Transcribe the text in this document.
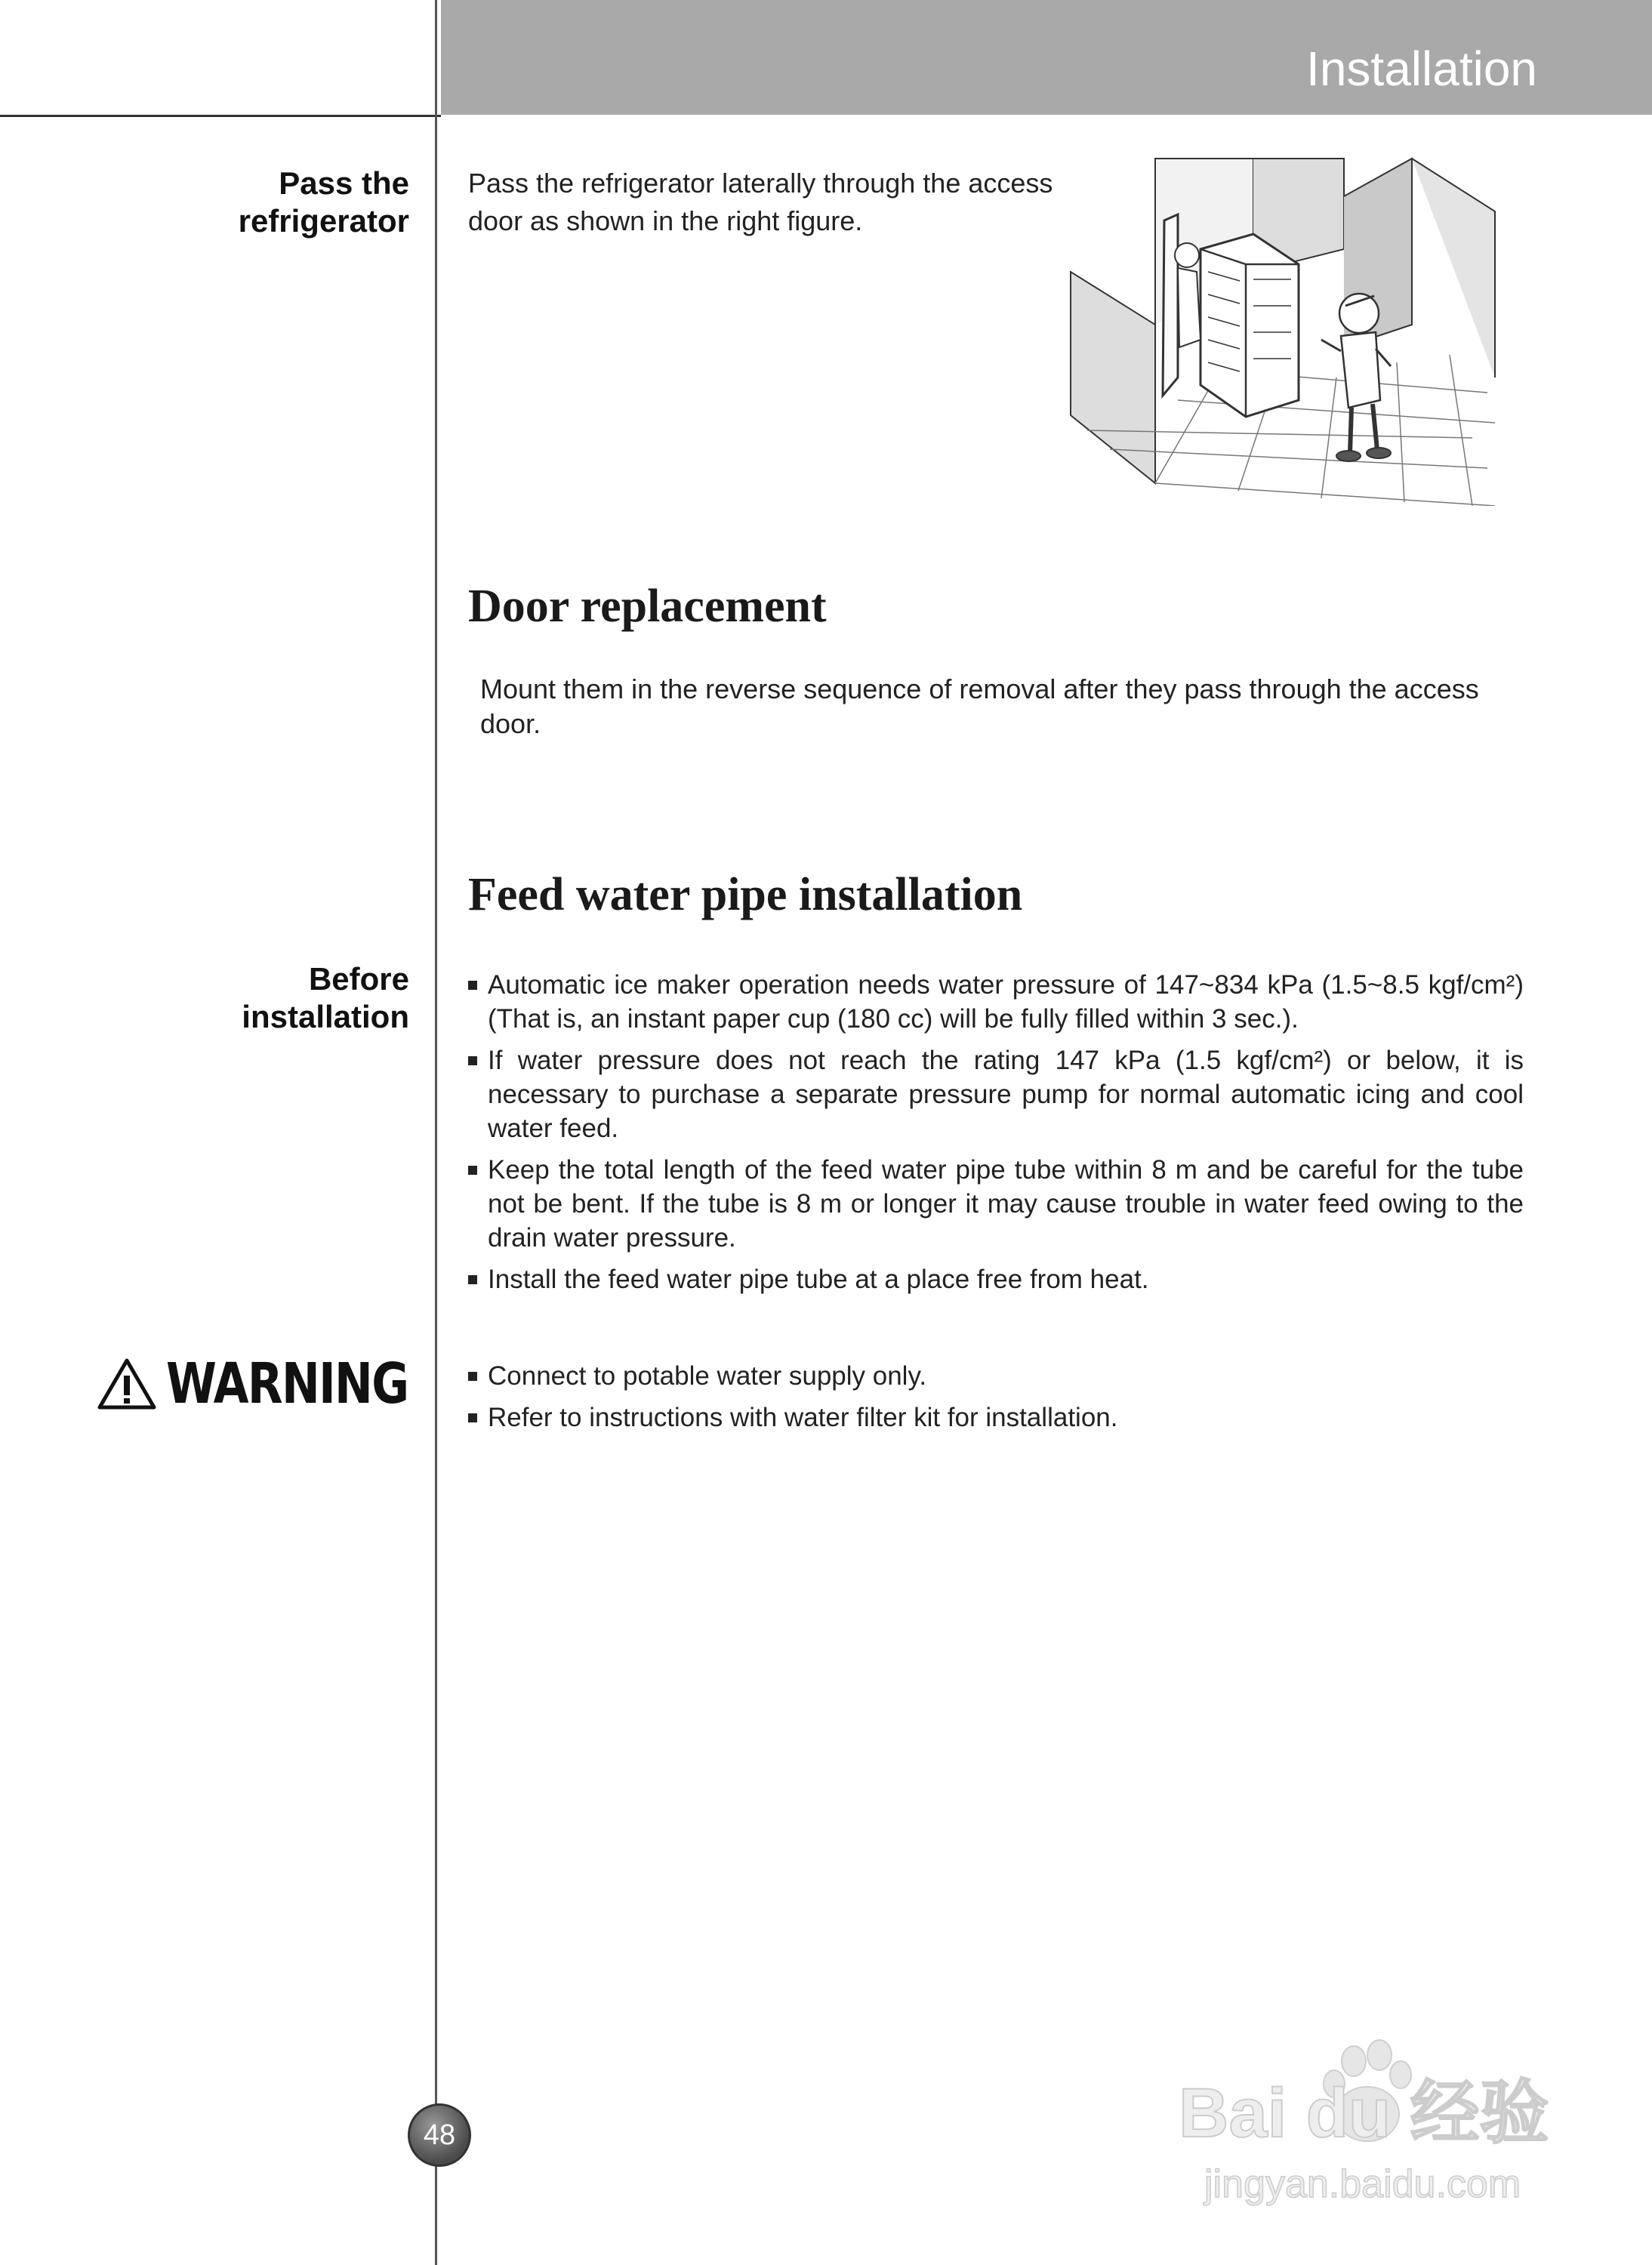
Installation
Pass the
refrigerator
Pass the refrigerator laterally through the access
door as shown in the right figure.
Door replacement
Mount them in the reverse sequence of removal after they pass through the access door.
Feed water pipe installation
Before
installation
Automatic ice maker operation needs water pressure of 147~834 kPa (1.5~8.5 kgf/cm²) (That is, an instant paper cup (180 cc) will be fully filled within 3 sec.).
If water pressure does not reach the rating 147 kPa (1.5 kgf/cm²) or below, it is necessary to purchase a separate pressure pump for normal automatic icing and cool water feed.
Keep the total length of the feed water pipe tube within 8 m and be careful for the tube not be bent. If the tube is 8 m or longer it may cause trouble in water feed owing to the drain water pressure.
Install the feed water pipe tube at a place free from heat.
WARNING	Connect to potable water supply only.
Refer to instructions with water filter kit for installation.
48	Bai du 经验
jingyan.baidu.com
